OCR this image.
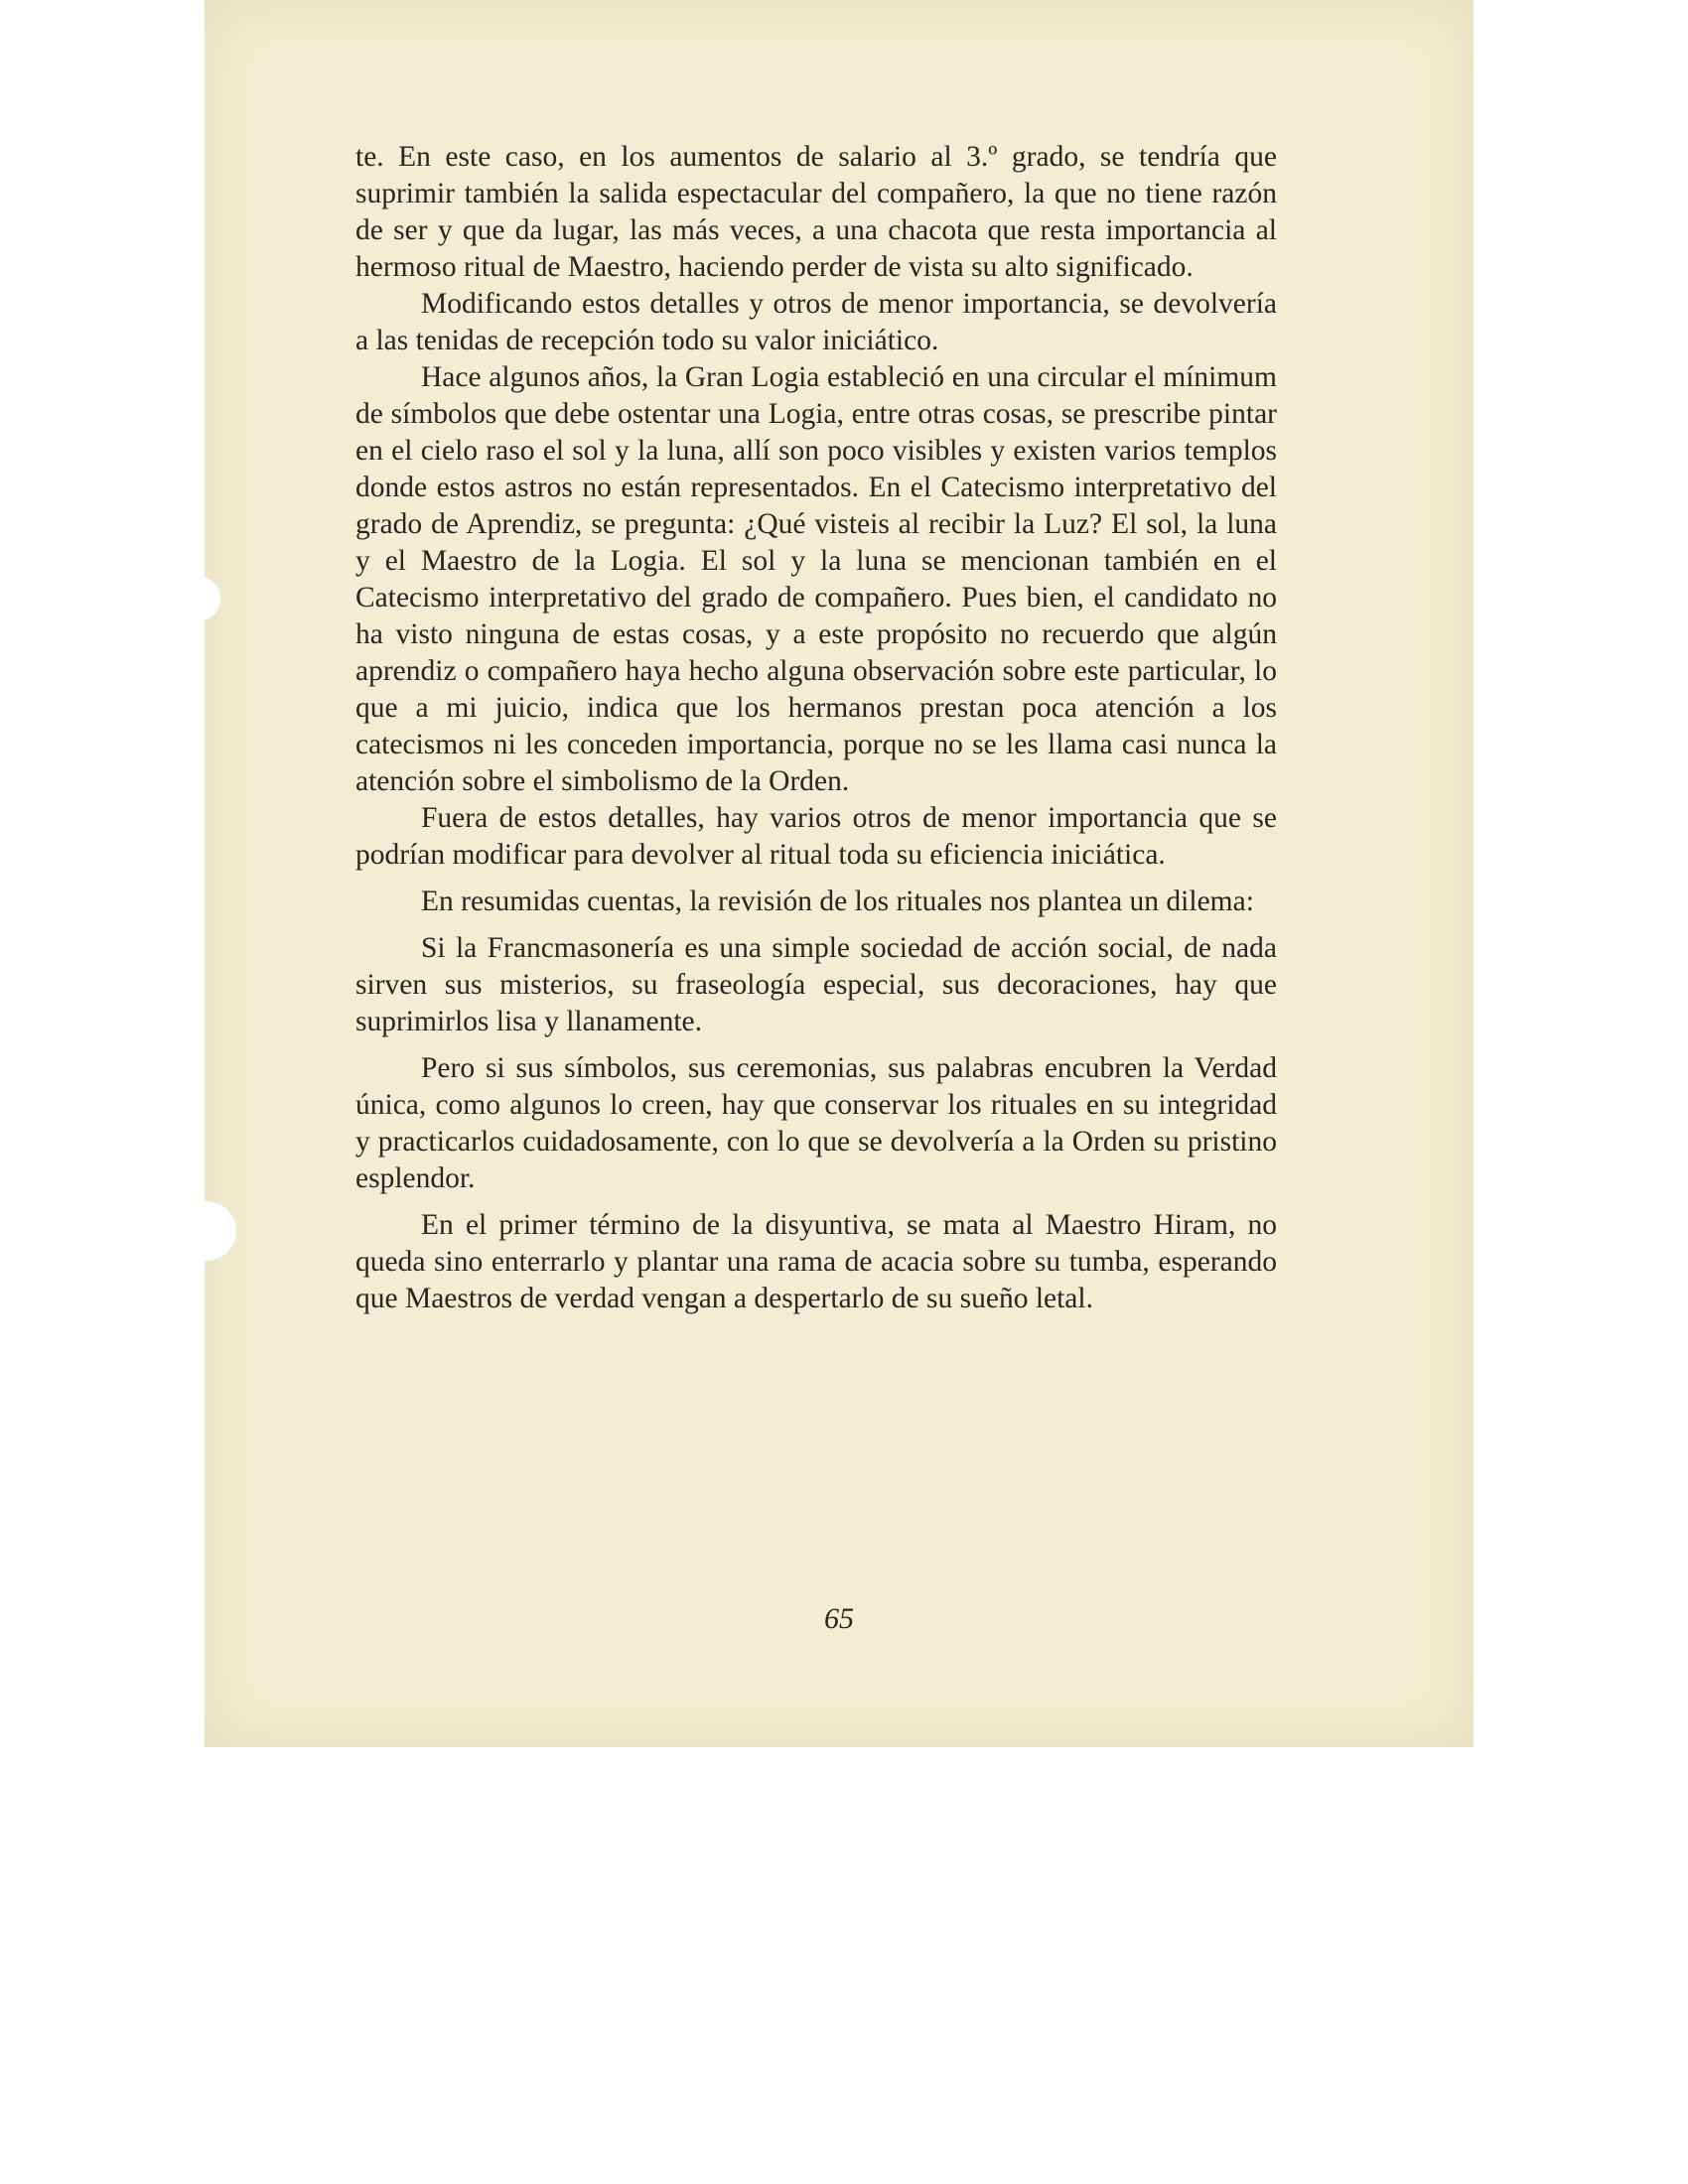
te. En este caso, en los aumentos de salario al 3.º grado, se tendría que suprimir también la salida espectacular del compañero, la que no tiene razón de ser y que da lugar, las más veces, a una chacota que resta importancia al hermoso ritual de Maestro, haciendo perder de vista su alto significado.

Modificando estos detalles y otros de menor importancia, se devolvería a las tenidas de recepción todo su valor iniciático.

Hace algunos años, la Gran Logia estableció en una circular el mínimum de símbolos que debe ostentar una Logia, entre otras cosas, se prescribe pintar en el cielo raso el sol y la luna, allí son poco visibles y existen varios templos donde estos astros no están representados. En el Catecismo interpretativo del grado de Aprendiz, se pregunta: ¿Qué visteis al recibir la Luz? El sol, la luna y el Maestro de la Logia. El sol y la luna se mencionan también en el Catecismo interpretativo del grado de compañero. Pues bien, el candidato no ha visto ninguna de estas cosas, y a este propósito no recuerdo que algún aprendiz o compañero haya hecho alguna observación sobre este particular, lo que a mi juicio, indica que los hermanos prestan poca atención a los catecismos ni les conceden importancia, porque no se les llama casi nunca la atención sobre el simbolismo de la Orden.

Fuera de estos detalles, hay varios otros de menor importancia que se podrían modificar para devolver al ritual toda su eficiencia iniciática.

En resumidas cuentas, la revisión de los rituales nos plantea un dilema:

Si la Francmasonería es una simple sociedad de acción social, de nada sirven sus misterios, su fraseología especial, sus decoraciones, hay que suprimirlos lisa y llanamente.

Pero si sus símbolos, sus ceremonias, sus palabras encubren la Verdad única, como algunos lo creen, hay que conservar los rituales en su integridad y practicarlos cuidadosamente, con lo que se devolvería a la Orden su pristino esplendor.

En el primer término de la disyuntiva, se mata al Maestro Hiram, no queda sino enterrarlo y plantar una rama de acacia sobre su tumba, esperando que Maestros de verdad vengan a despertarlo de su sueño letal.

65
